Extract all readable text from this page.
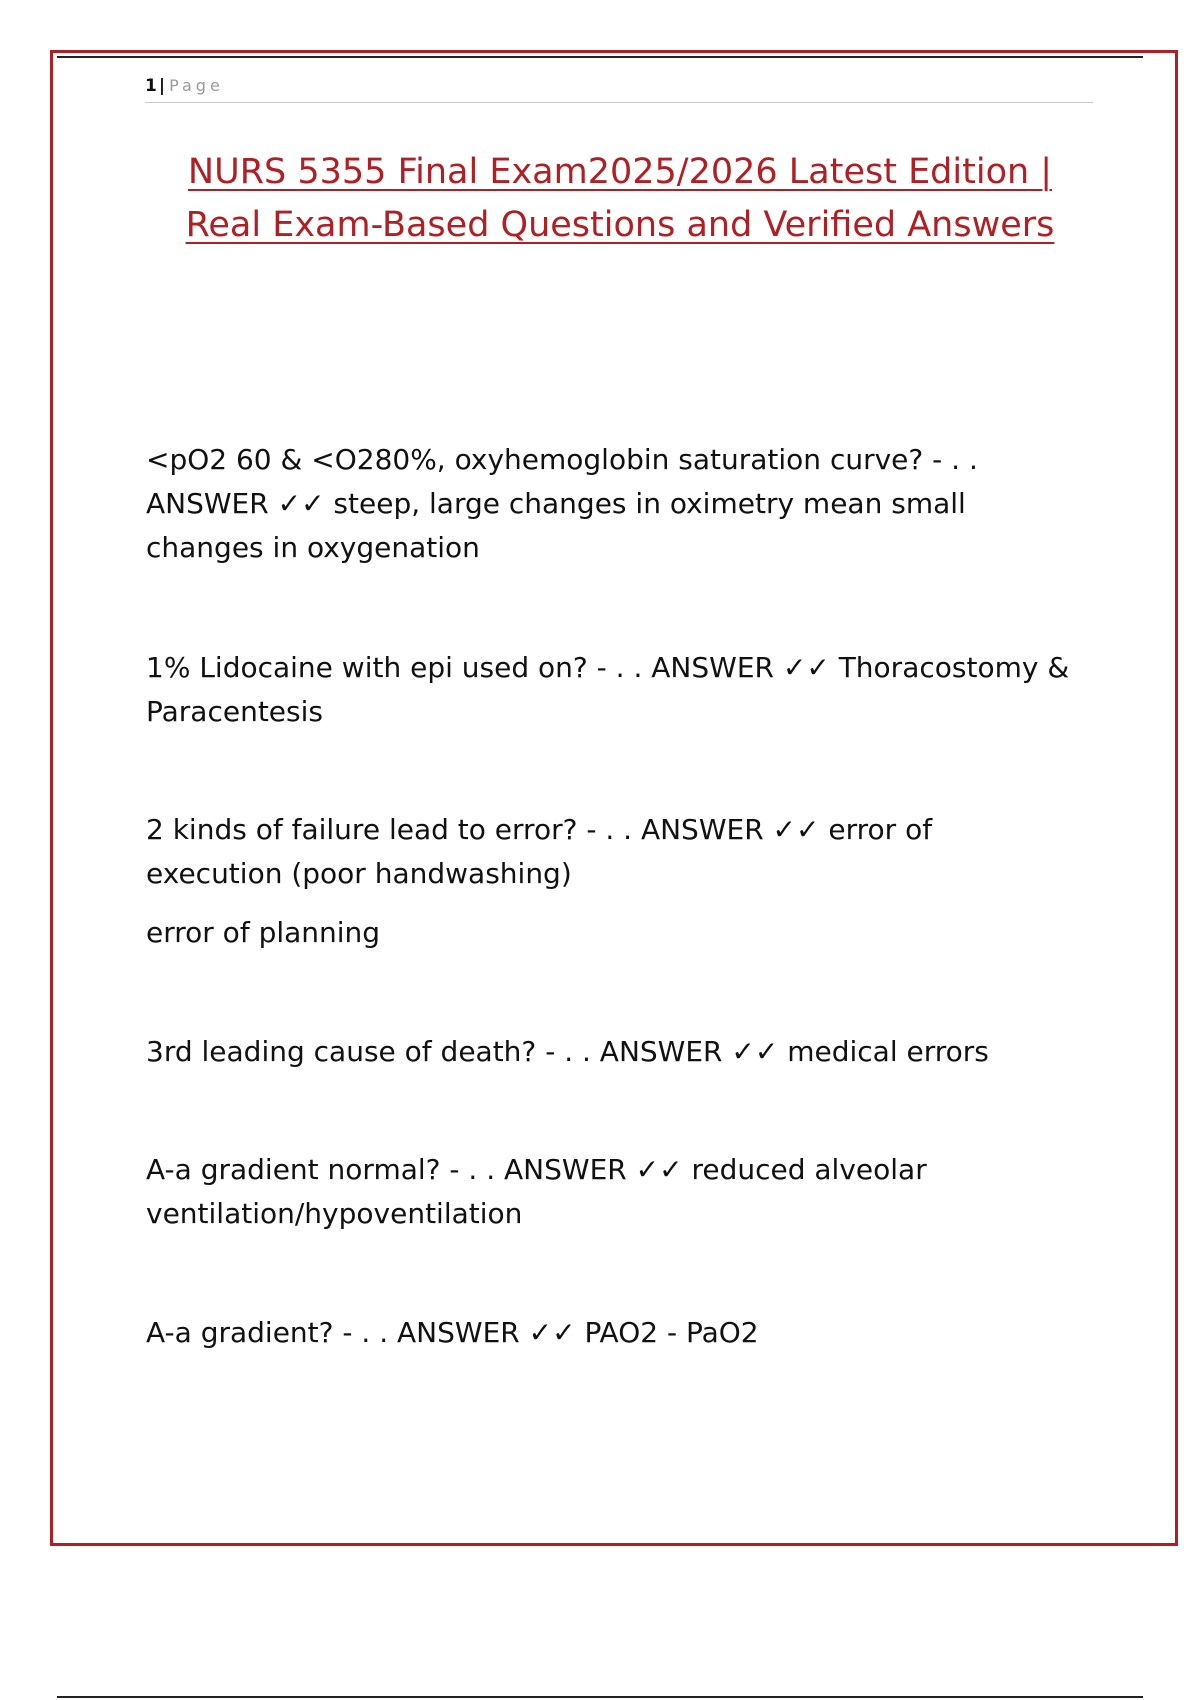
1 | Page
NURS 5355 Final Exam2025/2026 Latest Edition |
Real Exam-Based Questions and Verified Answers

<pO2 60 & <O280%, oxyhemoglobin saturation curve? - . . ANSWER ✓✓ steep, large changes in oximetry mean small changes in oxygenation

1% Lidocaine with epi used on? - . . ANSWER ✓✓ Thoracostomy & Paracentesis

2 kinds of failure lead to error? - . . ANSWER ✓✓ error of execution (poor handwashing)

error of planning

3rd leading cause of death? - . . ANSWER ✓✓ medical errors

A-a gradient normal? - . . ANSWER ✓✓ reduced alveolar ventilation/hypoventilation

A-a gradient? - . . ANSWER ✓✓ PAO2 - PaO2
